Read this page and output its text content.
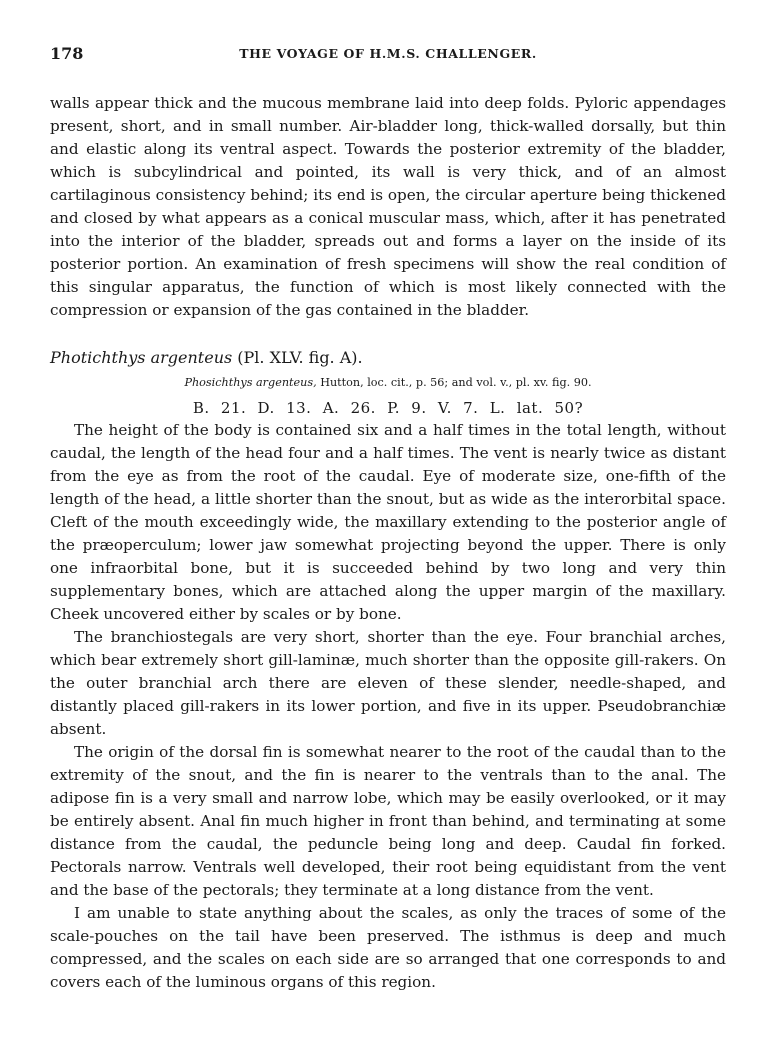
178	THE VOYAGE OF H.M.S. CHALLENGER.

walls appear thick and the mucous membrane laid into deep folds. Pyloric appendages present, short, and in small number. Air-bladder long, thick-walled dorsally, but thin and elastic along its ventral aspect. Towards the posterior extremity of the bladder, which is subcylindrical and pointed, its wall is very thick, and of an almost cartilaginous consistency behind; its end is open, the circular aperture being thickened and closed by what appears as a conical muscular mass, which, after it has penetrated into the interior of the bladder, spreads out and forms a layer on the inside of its posterior portion. An examination of fresh specimens will show the real condition of this singular apparatus, the function of which is most likely connected with the compression or expansion of the gas contained in the bladder.

Photichthys argenteus (Pl. XLV. fig. A).
Phosichthys argenteus, Hutton, loc. cit., p. 56; and vol. v., pl. xv. fig. 90.
B. 21. D. 13. A. 26. P. 9. V. 7. L. lat. 50?

The height of the body is contained six and a half times in the total length, without caudal, the length of the head four and a half times. The vent is nearly twice as distant from the eye as from the root of the caudal. Eye of moderate size, one-fifth of the length of the head, a little shorter than the snout, but as wide as the interorbital space. Cleft of the mouth exceedingly wide, the maxillary extending to the posterior angle of the præoperculum; lower jaw somewhat projecting beyond the upper. There is only one infraorbital bone, but it is succeeded behind by two long and very thin supplementary bones, which are attached along the upper margin of the maxillary. Cheek uncovered either by scales or by bone.

The branchiostegals are very short, shorter than the eye. Four branchial arches, which bear extremely short gill-laminæ, much shorter than the opposite gill-rakers. On the outer branchial arch there are eleven of these slender, needle-shaped, and distantly placed gill-rakers in its lower portion, and five in its upper. Pseudobranchiæ absent.

The origin of the dorsal fin is somewhat nearer to the root of the caudal than to the extremity of the snout, and the fin is nearer to the ventrals than to the anal. The adipose fin is a very small and narrow lobe, which may be easily overlooked, or it may be entirely absent. Anal fin much higher in front than behind, and terminating at some distance from the caudal, the peduncle being long and deep. Caudal fin forked. Pectorals narrow. Ventrals well developed, their root being equidistant from the vent and the base of the pectorals; they terminate at a long distance from the vent.

I am unable to state anything about the scales, as only the traces of some of the scale-pouches on the tail have been preserved. The isthmus is deep and much compressed, and the scales on each side are so arranged that one corresponds to and covers each of the luminous organs of this region.
